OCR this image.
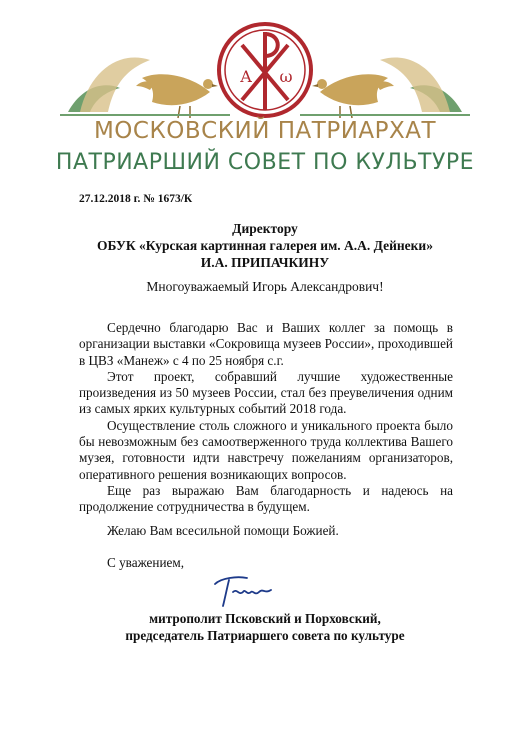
А ω
МОСКОВСКИЙ ПАТРИАРХАТ
ПАТРИАРШИЙ СОВЕТ ПО КУЛЬТУРЕ
27.12.2018 г. № 1673/К
Директору
ОБУК «Курская картинная галерея им. А.А. Дейнеки»
И.А. ПРИПАЧКИНУ
Многоуважаемый Игорь Александрович!

Сердечно благодарю Вас и Ваших коллег за помощь в организации выставки «Сокровища музеев России», проходившей в ЦВЗ «Манеж» с 4 по 25 ноября с.г.

Этот проект, собравший лучшие художественные произведения из 50 музеев России, стал без преувеличения одним из самых ярких культурных событий 2018 года.

Осуществление столь сложного и уникального проекта было бы невозможным без самоотверженного труда коллектива Вашего музея, готовности идти навстречу пожеланиям организаторов, оперативного решения возникающих вопросов.

Еще раз выражаю Вам благодарность и надеюсь на продолжение сотрудничества в будущем.

Желаю Вам всесильной помощи Божией.
С уважением,
митрополит Псковский и Порховский,
председатель Патриаршего совета по культуре
